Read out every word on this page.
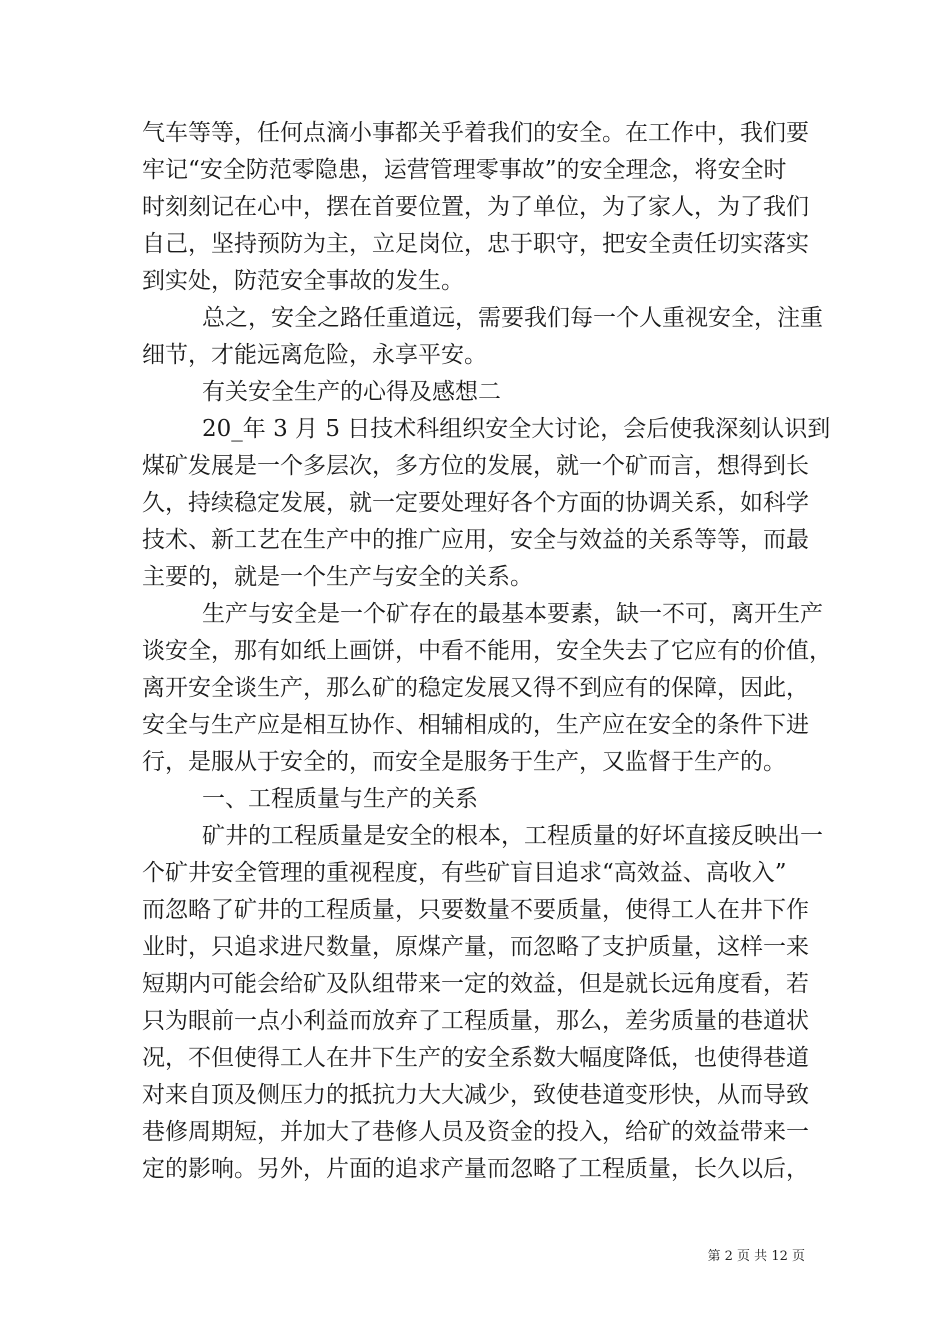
气车等等，任何点滴小事都关乎着我们的安全。在工作中，我们要
牢记“安全防范零隐患，运营管理零事故”的安全理念，将安全时
时刻刻记在心中，摆在首要位置，为了单位，为了家人，为了我们
自己，坚持预防为主，立足岗位，忠于职守，把安全责任切实落实
到实处，防范安全事故的发生。
总之，安全之路任重道远，需要我们每一个人重视安全，注重
细节，才能远离危险，永享平安。
有关安全生产的心得及感想二
20_年 3 月 5 日技术科组织安全大讨论，会后使我深刻认识到
煤矿发展是一个多层次，多方位的发展，就一个矿而言，想得到长
久，持续稳定发展，就一定要处理好各个方面的协调关系，如科学
技术、新工艺在生产中的推广应用，安全与效益的关系等等，而最
主要的，就是一个生产与安全的关系。
生产与安全是一个矿存在的最基本要素，缺一不可，离开生产
谈安全，那有如纸上画饼，中看不能用，安全失去了它应有的价值，
离开安全谈生产，那么矿的稳定发展又得不到应有的保障，因此，
安全与生产应是相互协作、相辅相成的，生产应在安全的条件下进
行，是服从于安全的，而安全是服务于生产，又监督于生产的。
一、工程质量与生产的关系
矿井的工程质量是安全的根本，工程质量的好坏直接反映出一
个矿井安全管理的重视程度，有些矿盲目追求“高效益、高收入”
而忽略了矿井的工程质量，只要数量不要质量，使得工人在井下作
业时，只追求进尺数量，原煤产量，而忽略了支护质量，这样一来
短期内可能会给矿及队组带来一定的效益，但是就长远角度看，若
只为眼前一点小利益而放弃了工程质量，那么，差劣质量的巷道状
况，不但使得工人在井下生产的安全系数大幅度降低，也使得巷道
对来自顶及侧压力的抵抗力大大减少，致使巷道变形快，从而导致
巷修周期短，并加大了巷修人员及资金的投入，给矿的效益带来一
定的影响。另外，片面的追求产量而忽略了工程质量，长久以后，
第 2 页 共 12 页
